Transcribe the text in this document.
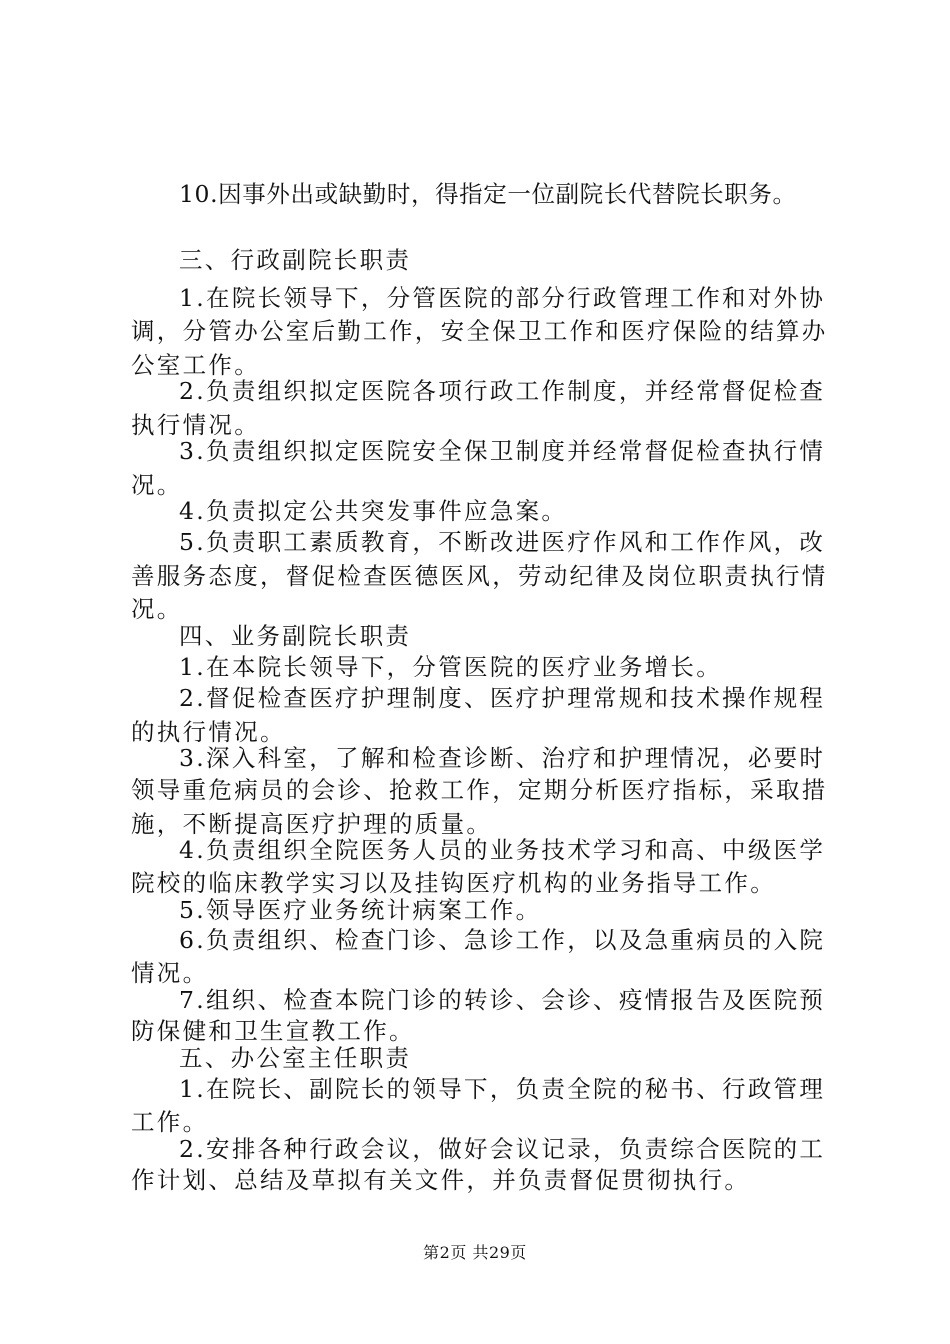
10.因事外出或缺勤时，得指定一位副院长代替院长职务。
三、行政副院长职责
1.在院长领导下，分管医院的部分行政管理工作和对外协
调，分管办公室后勤工作，安全保卫工作和医疗保险的结算办
公室工作。
2.负责组织拟定医院各项行政工作制度，并经常督促检查
执行情况。
3.负责组织拟定医院安全保卫制度并经常督促检查执行情
况。
4.负责拟定公共突发事件应急案。
5.负责职工素质教育，不断改进医疗作风和工作作风，改
善服务态度，督促检查医德医风，劳动纪律及岗位职责执行情
况。
四、业务副院长职责
1.在本院长领导下，分管医院的医疗业务增长。
2.督促检查医疗护理制度、医疗护理常规和技术操作规程
的执行情况。
3.深入科室，了解和检查诊断、治疗和护理情况，必要时
领导重危病员的会诊、抢救工作，定期分析医疗指标，采取措
施，不断提高医疗护理的质量。
4.负责组织全院医务人员的业务技术学习和高、中级医学
院校的临床教学实习以及挂钩医疗机构的业务指导工作。
5.领导医疗业务统计病案工作。
6.负责组织、检查门诊、急诊工作，以及急重病员的入院
情况。
7.组织、检查本院门诊的转诊、会诊、疫情报告及医院预
防保健和卫生宣教工作。
五、办公室主任职责
1.在院长、副院长的领导下，负责全院的秘书、行政管理
工作。
2.安排各种行政会议，做好会议记录，负责综合医院的工
作计划、总结及草拟有关文件，并负责督促贯彻执行。
第2页 共29页
